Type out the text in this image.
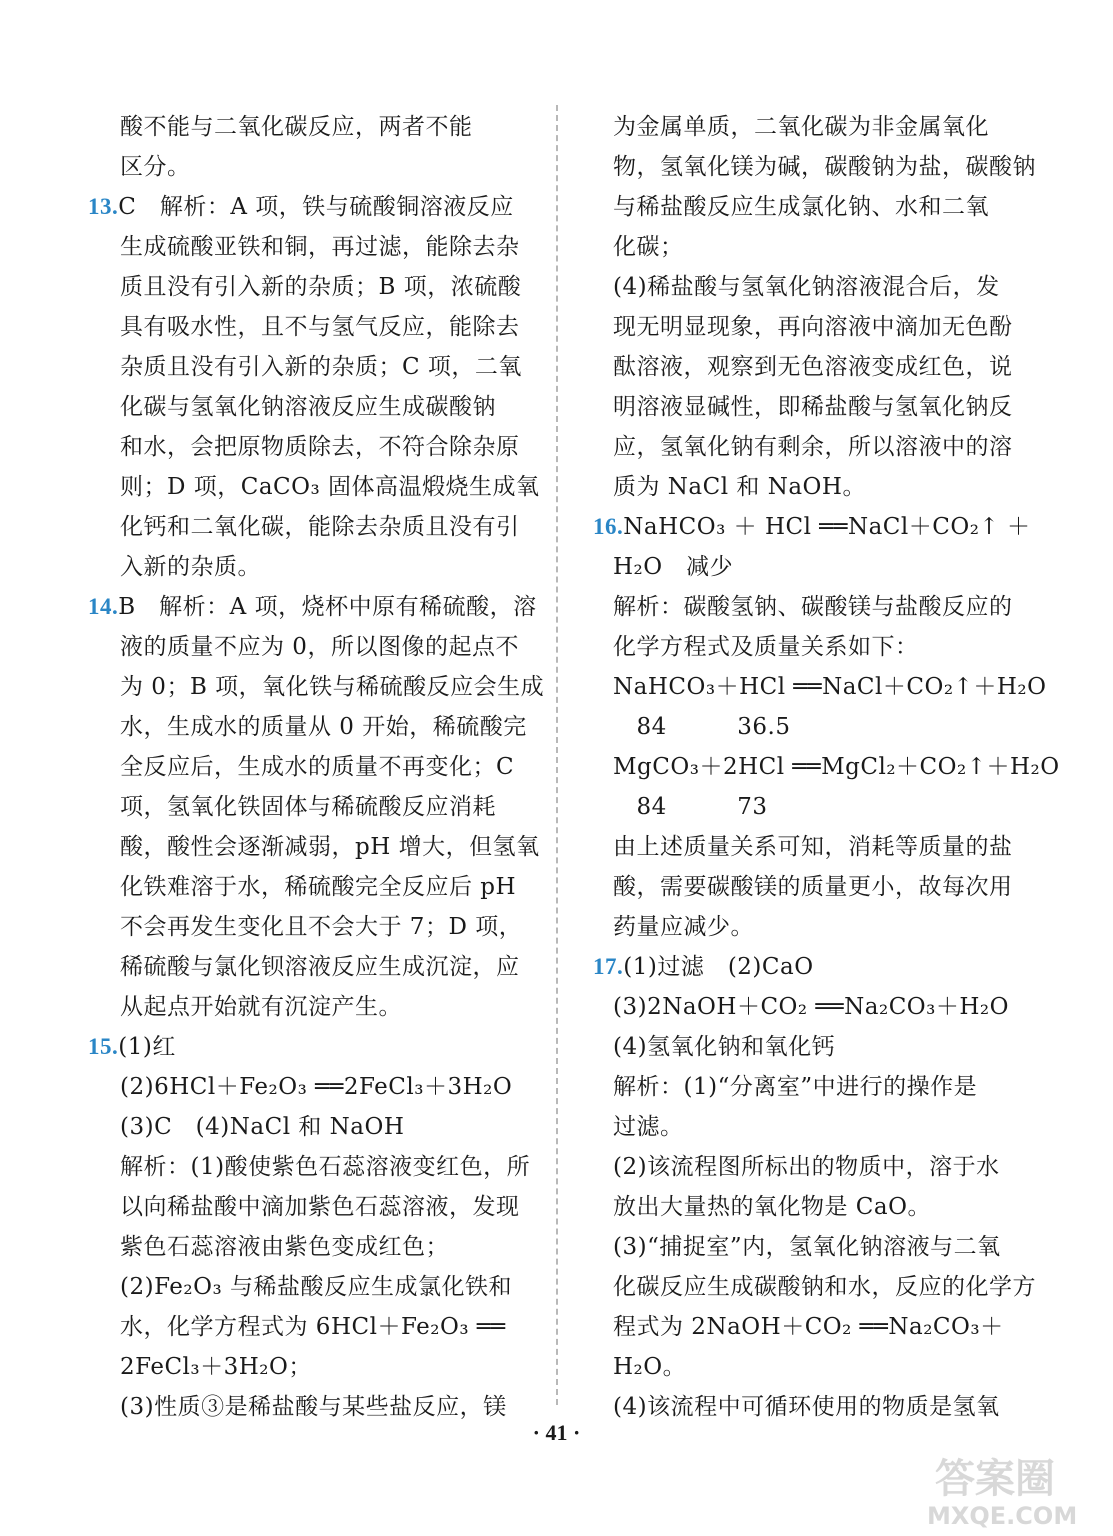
酸不能与二氧化碳反应，两者不能
区分。
13.C　解析：A 项，铁与硫酸铜溶液反应
生成硫酸亚铁和铜，再过滤，能除去杂
质且没有引入新的杂质；B 项，浓硫酸
具有吸水性，且不与氢气反应，能除去
杂质且没有引入新的杂质；C 项，二氧
化碳与氢氧化钠溶液反应生成碳酸钠
和水，会把原物质除去，不符合除杂原
则；D 项，CaCO₃ 固体高温煅烧生成氧
化钙和二氧化碳，能除去杂质且没有引
入新的杂质。
14.B　解析：A 项，烧杯中原有稀硫酸，溶
液的质量不应为 0，所以图像的起点不
为 0；B 项，氧化铁与稀硫酸反应会生成
水，生成水的质量从 0 开始，稀硫酸完
全反应后，生成水的质量不再变化；C
项，氢氧化铁固体与稀硫酸反应消耗
酸，酸性会逐渐减弱，pH 增大，但氢氧
化铁难溶于水，稀硫酸完全反应后 pH
不会再发生变化且不会大于 7；D 项，
稀硫酸与氯化钡溶液反应生成沉淀，应
从起点开始就有沉淀产生。
15.(1)红
(2)6HCl＋Fe₂O₃ ══2FeCl₃＋3H₂O
(3)C　(4)NaCl 和 NaOH
解析：(1)酸使紫色石蕊溶液变红色，所
以向稀盐酸中滴加紫色石蕊溶液，发现
紫色石蕊溶液由紫色变成红色；
(2)Fe₂O₃ 与稀盐酸反应生成氯化铁和
水，化学方程式为 6HCl＋Fe₂O₃ ══
2FeCl₃＋3H₂O；
(3)性质③是稀盐酸与某些盐反应，镁
为金属单质，二氧化碳为非金属氧化
物，氢氧化镁为碱，碳酸钠为盐，碳酸钠
与稀盐酸反应生成氯化钠、水和二氧
化碳；
(4)稀盐酸与氢氧化钠溶液混合后，发
现无明显现象，再向溶液中滴加无色酚
酞溶液，观察到无色溶液变成红色，说
明溶液显碱性，即稀盐酸与氢氧化钠反
应，氢氧化钠有剩余，所以溶液中的溶
质为 NaCl 和 NaOH。
16.NaHCO₃ ＋ HCl ══NaCl＋CO₂↑ ＋
H₂O　减少
解析：碳酸氢钠、碳酸镁与盐酸反应的
化学方程式及质量关系如下：
NaHCO₃＋HCl ══NaCl＋CO₂↑＋H₂O
　84　　　36.5
MgCO₃＋2HCl ══MgCl₂＋CO₂↑＋H₂O
　84　　　73
由上述质量关系可知，消耗等质量的盐
酸，需要碳酸镁的质量更小，故每次用
药量应减少。
17.(1)过滤　(2)CaO
(3)2NaOH＋CO₂ ══Na₂CO₃＋H₂O
(4)氢氧化钠和氧化钙
解析：(1)“分离室”中进行的操作是
过滤。
(2)该流程图所标出的物质中，溶于水
放出大量热的氧化物是 CaO。
(3)“捕捉室”内，氢氧化钠溶液与二氧
化碳反应生成碳酸钠和水，反应的化学方
程式为 2NaOH＋CO₂ ══Na₂CO₃＋
H₂O。
(4)该流程中可循环使用的物质是氢氧
· 41 ·
答案圈
MXQE.COM
